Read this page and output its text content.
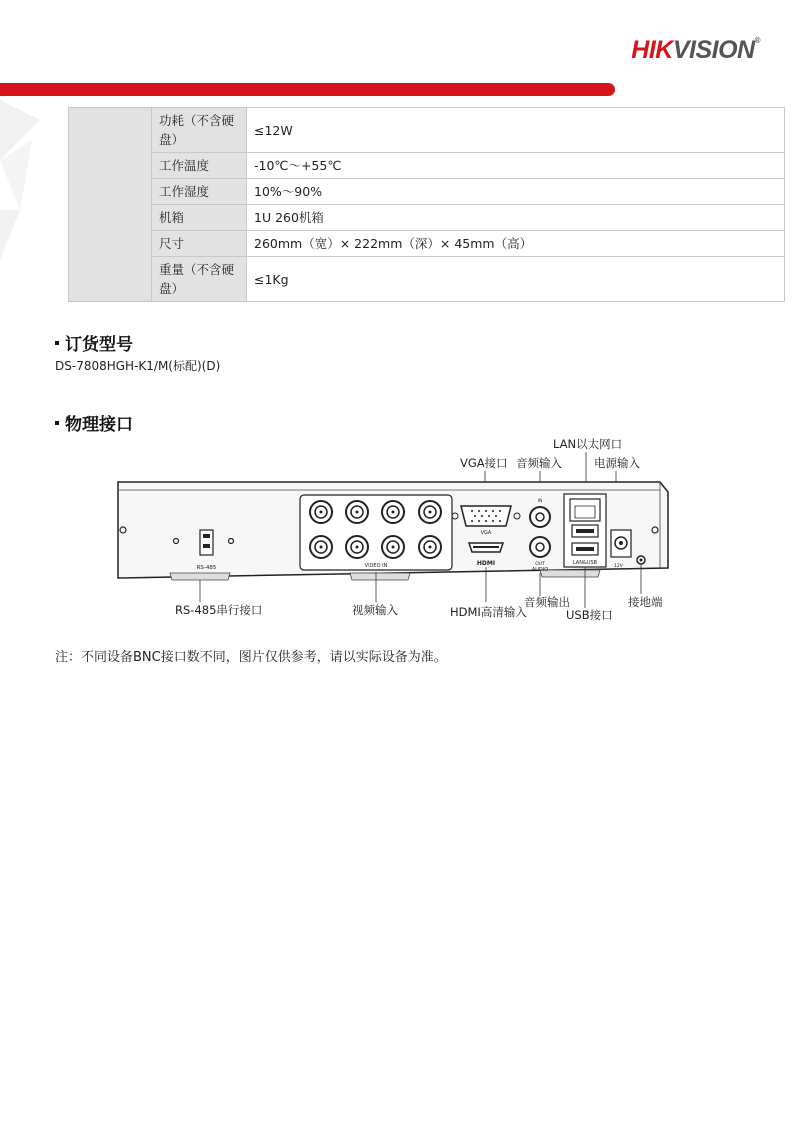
HIKVISION®
	功耗（不含硬盘）	≤12W
	工作温度	-10℃～+55℃
	工作湿度	10%～90%
	机箱	1U 260机箱
	尺寸	260mm（宽）× 222mm（深）× 45mm（高）
	重量（不含硬盘）	≤1Kg
订货型号
DS-7808HGH-K1/M(标配)(D)
物理接口
LAN以太网口
VGA接口 音频输入	电源输入
RS-485	VIDEO IN
VGA
HDMI
IN
OUT
AUDIO
LAN&USB
12V
RS-485串行接口	视频输入	HDMI高清输入
音频输出
USB接口
接地端
注：不同设备BNC接口数不同，图片仅供参考，请以实际设备为准。
